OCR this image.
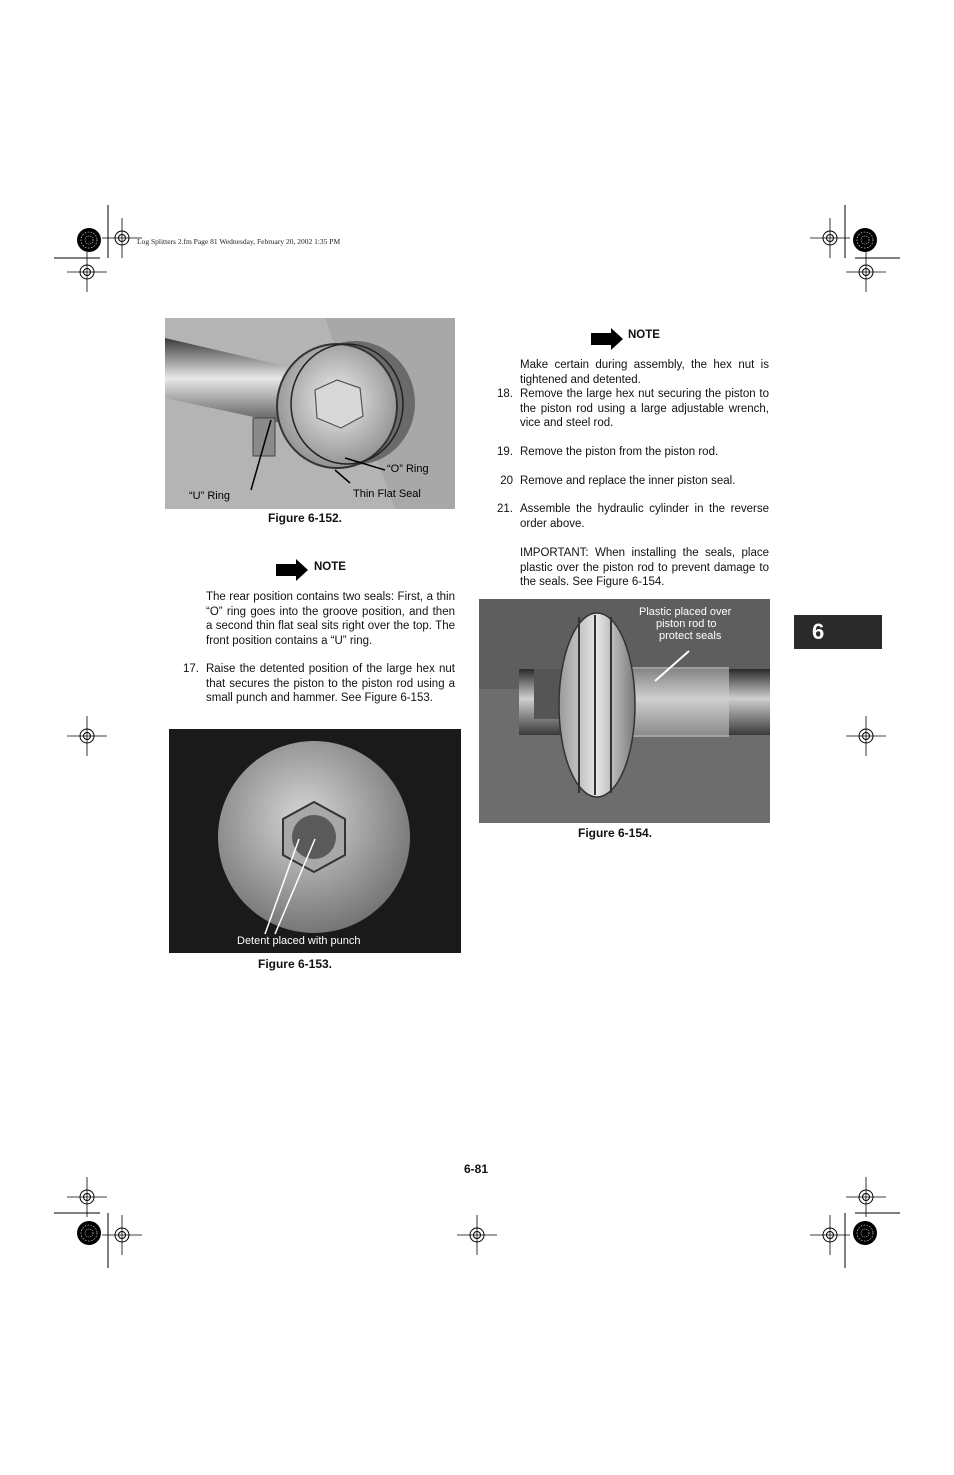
Log Splitters 2.fm Page 81 Wednesday, February 20, 2002 1:35 PM
“O” Ring
“U” Ring	Thin Flat Seal
Figure 6-152.
NOTE
The rear position contains two seals: First, a thin “O” ring goes into the groove position, and then a second thin flat seal sits right over the top. The front position contains a “U” ring.
17. Raise the detented position of the large hex nut that secures the piston to the piston rod using a small punch and hammer. See Figure 6-153.
Detent placed with punch
Figure 6-153.
NOTE
Make certain during assembly, the hex nut is tightened and detented.
18. Remove the large hex nut securing the piston to the piston rod using a large adjustable wrench, vice and steel rod.
19. Remove the piston from the piston rod.
20 Remove and replace the inner piston seal.
21. Assemble the hydraulic cylinder in the reverse order above.
IMPORTANT: When installing the seals, place plastic over the piston rod to prevent damage to the seals. See Figure 6-154.
Plastic placed over
piston rod to
protect seals
Figure 6-154.
6
6-81
